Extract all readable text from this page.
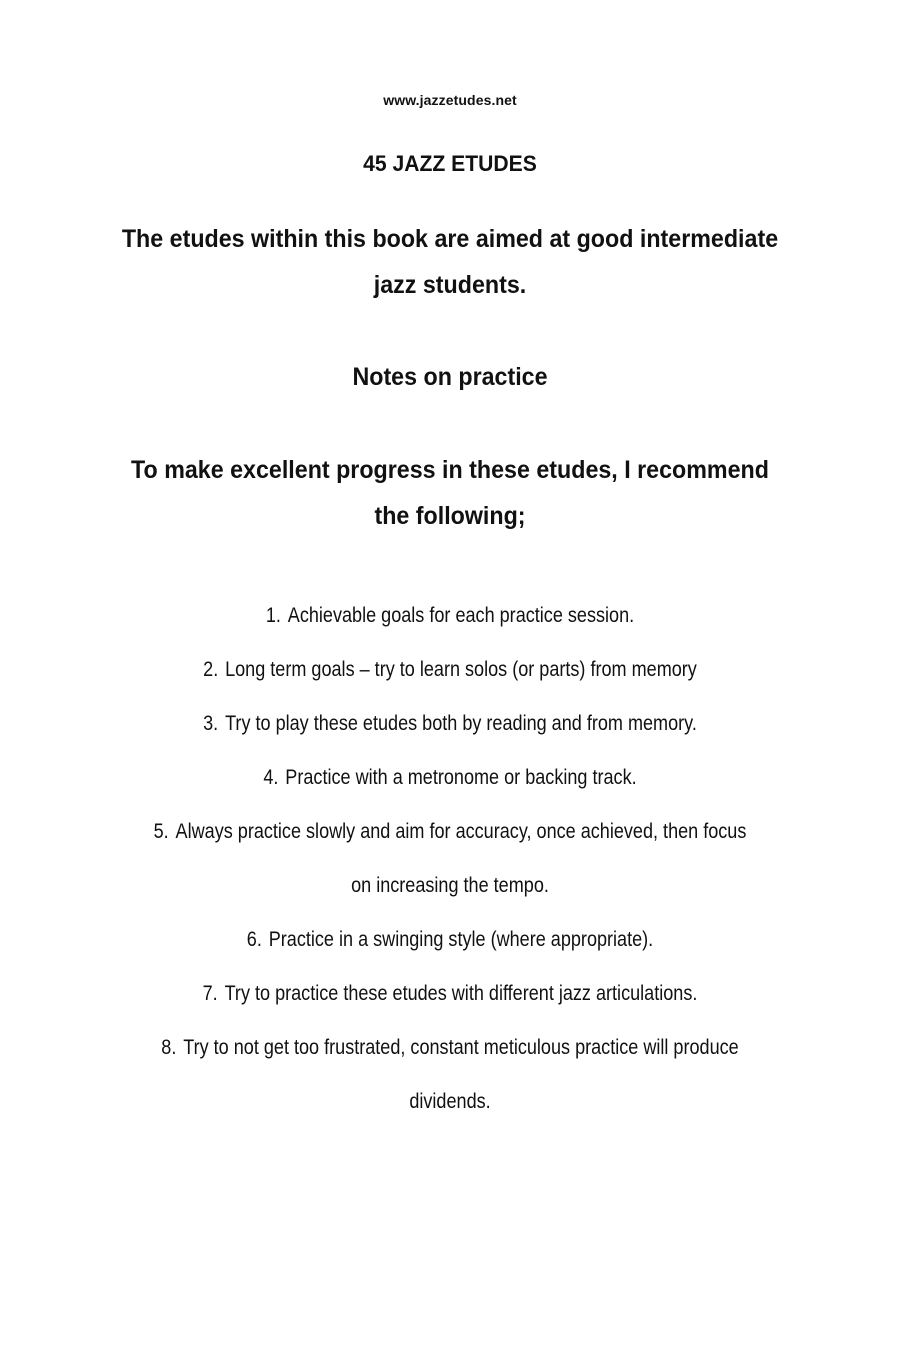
www.jazzetudes.net
45 JAZZ ETUDES
The etudes within this book are aimed at good intermediate
jazz students.
Notes on practice
To make excellent progress in these etudes, I recommend
the following;
1. Achievable goals for each practice session.
2. Long term goals – try to learn solos (or parts) from memory
3. Try to play these etudes both by reading and from memory.
4. Practice with a metronome or backing track.
5. Always practice slowly and aim for accuracy, once achieved, then focus
on increasing the tempo.
6. Practice in a swinging style (where appropriate).
7. Try to practice these etudes with different jazz articulations.
8. Try to not get too frustrated, constant meticulous practice will produce
dividends.
